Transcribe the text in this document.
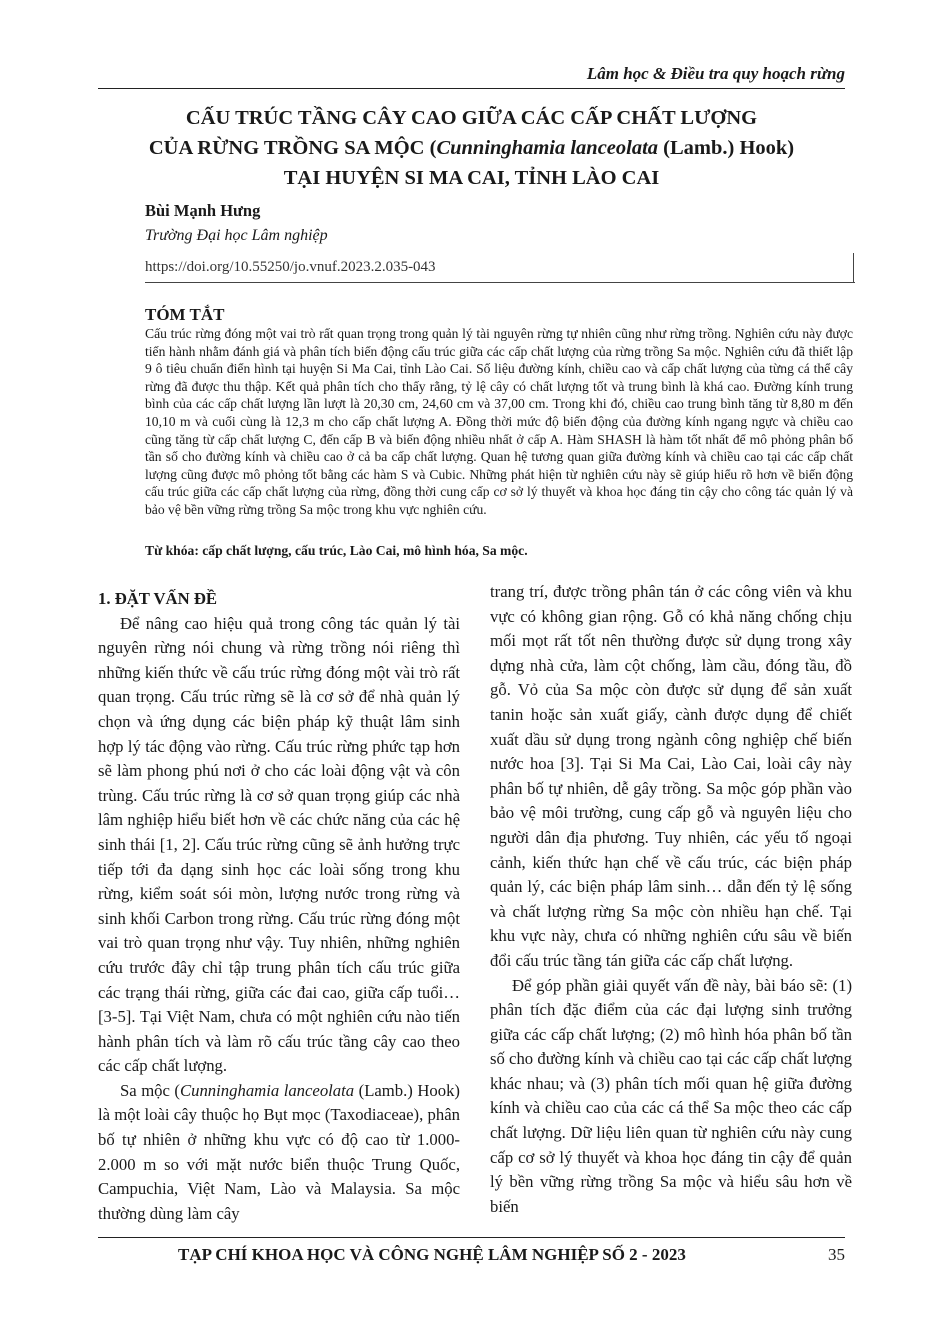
Lâm học & Điều tra quy hoạch rừng
CẤU TRÚC TẦNG CÂY CAO GIỮA CÁC CẤP CHẤT LƯỢNG
CỦA RỪNG TRỒNG SA MỘC (Cunninghamia lanceolata (Lamb.) Hook)
TẠI HUYỆN SI MA CAI, TỈNH LÀO CAI
Bùi Mạnh Hưng
Trường Đại học Lâm nghiệp
https://doi.org/10.55250/jo.vnuf.2023.2.035-043
TÓM TẮT
Cấu trúc rừng đóng một vai trò rất quan trọng trong quản lý tài nguyên rừng tự nhiên cũng như rừng trồng. Nghiên cứu này được tiến hành nhằm đánh giá và phân tích biến động cấu trúc giữa các cấp chất lượng của rừng trồng Sa mộc. Nghiên cứu đã thiết lập 9 ô tiêu chuẩn điển hình tại huyện Si Ma Cai, tỉnh Lào Cai. Số liệu đường kính, chiều cao và cấp chất lượng của từng cá thể cây rừng đã được thu thập. Kết quả phân tích cho thấy rằng, tỷ lệ cây có chất lượng tốt và trung bình là khá cao. Đường kính trung bình của các cấp chất lượng lần lượt là 20,30 cm, 24,60 cm và 37,00 cm. Trong khi đó, chiều cao trung bình tăng từ 8,80 m đến 10,10 m và cuối cùng là 12,3 m cho cấp chất lượng A. Đồng thời mức độ biến động của đường kính ngang ngực và chiều cao cũng tăng từ cấp chất lượng C, đến cấp B và biến động nhiều nhất ở cấp A. Hàm SHASH là hàm tốt nhất để mô phỏng phân bố tần số cho đường kính và chiều cao ở cả ba cấp chất lượng. Quan hệ tương quan giữa đường kính và chiều cao tại các cấp chất lượng cũng được mô phỏng tốt bằng các hàm S và Cubic. Những phát hiện từ nghiên cứu này sẽ giúp hiểu rõ hơn về biến động cấu trúc giữa các cấp chất lượng của rừng, đồng thời cung cấp cơ sở lý thuyết và khoa học đáng tin cậy cho công tác quản lý và bảo vệ bền vững rừng trồng Sa mộc trong khu vực nghiên cứu.
Từ khóa: cấp chất lượng, cấu trúc, Lào Cai, mô hình hóa, Sa mộc.

1. ĐẶT VẤN ĐỀ

Để nâng cao hiệu quả trong công tác quản lý tài nguyên rừng nói chung và rừng trồng nói riêng thì những kiến thức về cấu trúc rừng đóng một vài trò rất quan trọng. Cấu trúc rừng sẽ là cơ sở để nhà quản lý chọn và ứng dụng các biện pháp kỹ thuật lâm sinh hợp lý tác động vào rừng. Cấu trúc rừng phức tạp hơn sẽ làm phong phú nơi ở cho các loài động vật và côn trùng. Cấu trúc rừng là cơ sở quan trọng giúp các nhà lâm nghiệp hiểu biết hơn về các chức năng của các hệ sinh thái [1, 2]. Cấu trúc rừng cũng sẽ ảnh hưởng trực tiếp tới đa dạng sinh học các loài sống trong khu rừng, kiểm soát sói mòn, lượng nước trong rừng và sinh khối Carbon trong rừng. Cấu trúc rừng đóng một vai trò quan trọng như vậy. Tuy nhiên, những nghiên cứu trước đây chỉ tập trung phân tích cấu trúc giữa các trạng thái rừng, giữa các đai cao, giữa cấp tuổi… [3-5]. Tại Việt Nam, chưa có một nghiên cứu nào tiến hành phân tích và làm rõ cấu trúc tầng cây cao theo các cấp chất lượng.

Sa mộc (Cunninghamia lanceolata (Lamb.) Hook) là một loài cây thuộc họ Bụt mọc (Taxodiaceae), phân bố tự nhiên ở những khu vực có độ cao từ 1.000-2.000 m so với mặt nước biển thuộc Trung Quốc, Campuchia, Việt Nam, Lào và Malaysia. Sa mộc thường dùng làm cây

trang trí, được trồng phân tán ở các công viên và khu vực có không gian rộng. Gỗ có khả năng chống chịu mối mọt rất tốt nên thường được sử dụng trong xây dựng nhà cửa, làm cột chống, làm cầu, đóng tầu, đồ gỗ. Vỏ của Sa mộc còn được sử dụng để sản xuất tanin hoặc sản xuất giấy, cành được dụng để chiết xuất dầu sử dụng trong ngành công nghiệp chế biến nước hoa [3]. Tại Si Ma Cai, Lào Cai, loài cây này phân bố tự nhiên, dễ gây trồng. Sa mộc góp phần vào bảo vệ môi trường, cung cấp gỗ và nguyên liệu cho người dân địa phương. Tuy nhiên, các yếu tố ngoại cảnh, kiến thức hạn chế về cấu trúc, các biện pháp quản lý, các biện pháp lâm sinh… dẫn đến tỷ lệ sống và chất lượng rừng Sa mộc còn nhiều hạn chế. Tại khu vực này, chưa có những nghiên cứu sâu về biến đổi cấu trúc tầng tán giữa các cấp chất lượng.

Để góp phần giải quyết vấn đề này, bài báo sẽ: (1) phân tích đặc điểm của các đại lượng sinh trưởng giữa các cấp chất lượng; (2) mô hình hóa phân bố tần số cho đường kính và chiều cao tại các cấp chất lượng khác nhau; và (3) phân tích mối quan hệ giữa đường kính và chiều cao của các cá thể Sa mộc theo các cấp chất lượng. Dữ liệu liên quan từ nghiên cứu này cung cấp cơ sở lý thuyết và khoa học đáng tin cậy để quản lý bền vững rừng trồng Sa mộc và hiểu sâu hơn về biến

TẠP CHÍ KHOA HỌC VÀ CÔNG NGHỆ LÂM NGHIỆP SỐ 2 - 2023	35
